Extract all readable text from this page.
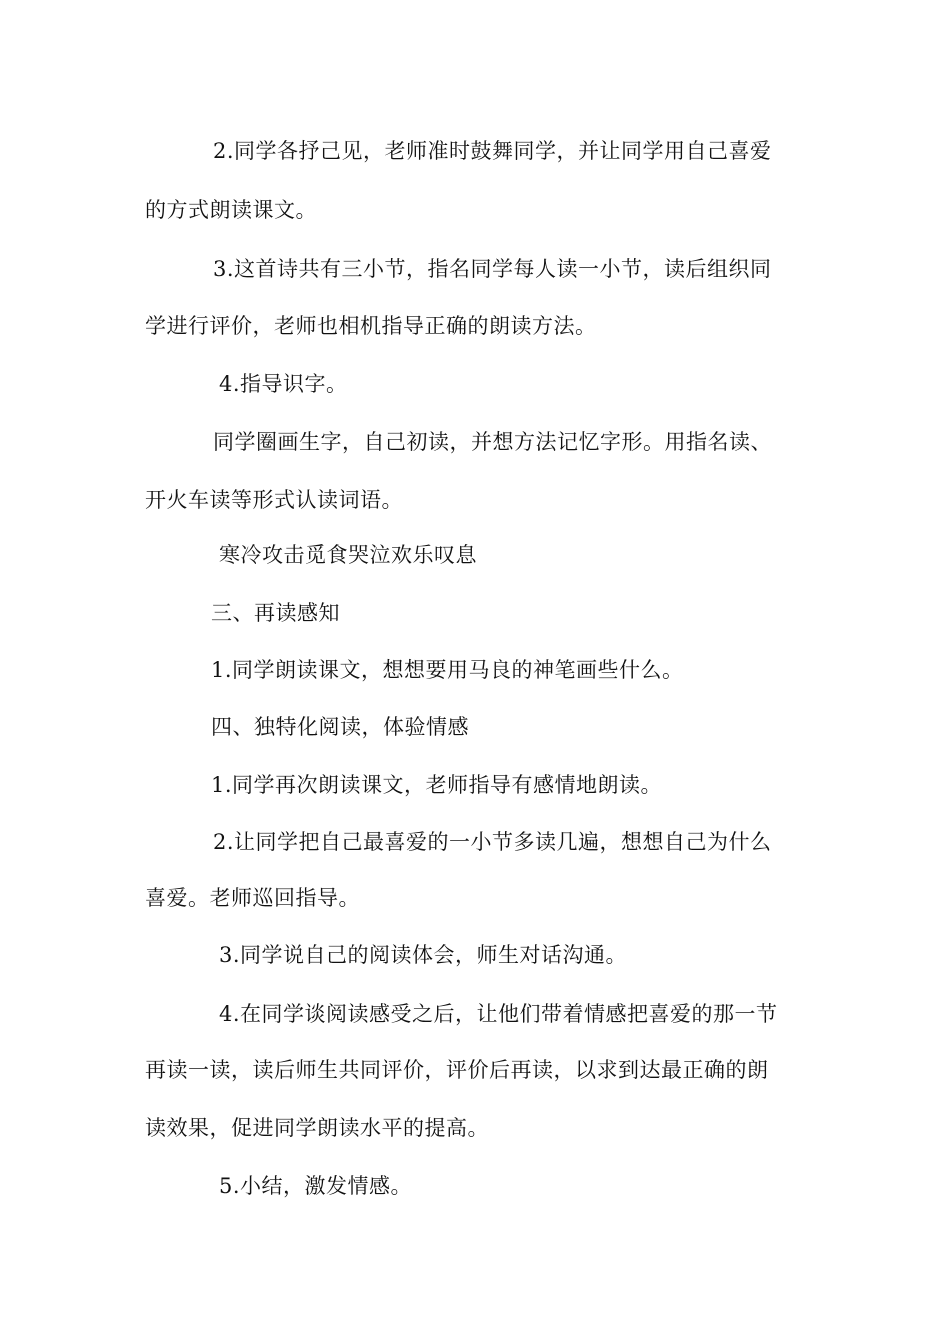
2.同学各抒己见，老师准时鼓舞同学，并让同学用自己喜爱
的方式朗读课文。
3.这首诗共有三小节，指名同学每人读一小节，读后组织同
学进行评价，老师也相机指导正确的朗读方法。
4.指导识字。
同学圈画生字，自己初读，并想方法记忆字形。用指名读、
开火车读等形式认读词语。
寒冷攻击觅食哭泣欢乐叹息
三、再读感知
1.同学朗读课文，想想要用马良的神笔画些什么。
四、独特化阅读，体验情感
1.同学再次朗读课文，老师指导有感情地朗读。
2.让同学把自己最喜爱的一小节多读几遍，想想自己为什么
喜爱。老师巡回指导。
3.同学说自己的阅读体会，师生对话沟通。
4.在同学谈阅读感受之后，让他们带着情感把喜爱的那一节
再读一读，读后师生共同评价，评价后再读，以求到达最正确的朗
读效果，促进同学朗读水平的提高。
5.小结，激发情感。
